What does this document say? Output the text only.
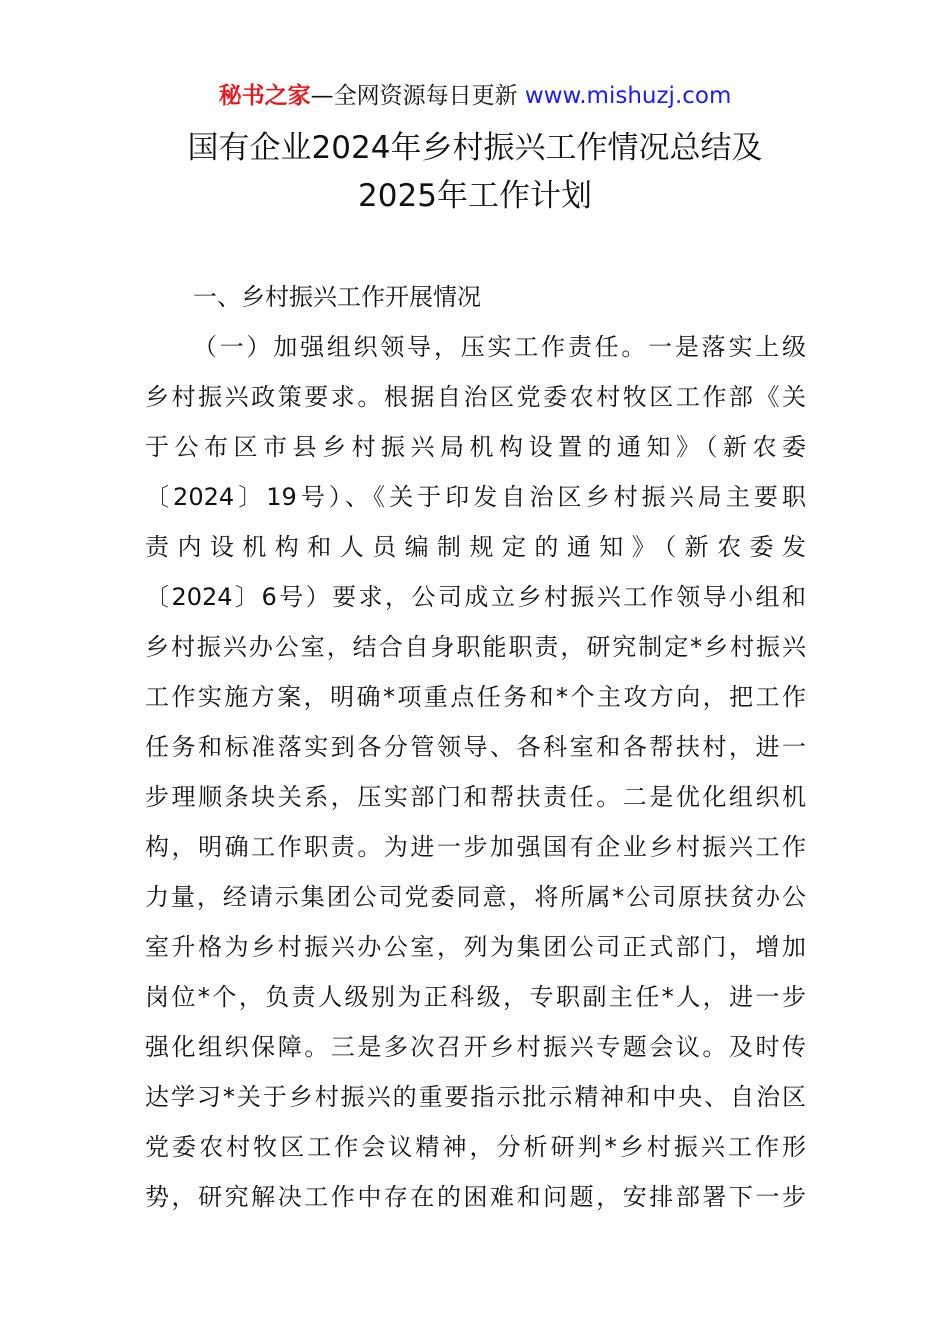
秘书之家—全网资源每日更新 www.mishuzj.com
国有企业2024年乡村振兴工作情况总结及
2025年工作计划
一、乡村振兴工作开展情况
（一）加强组织领导，压实工作责任。一是落实上级
乡村振兴政策要求。根据自治区党委农村牧区工作部《关
于公布区市县乡村振兴局机构设置的通知》（新农委
〔2024〕19号）、《关于印发自治区乡村振兴局主要职
责内设机构和人员编制规定的通知》（新农委发
〔2024〕6号）要求，公司成立乡村振兴工作领导小组和
乡村振兴办公室，结合自身职能职责，研究制定*乡村振兴
工作实施方案，明确*项重点任务和*个主攻方向，把工作
任务和标准落实到各分管领导、各科室和各帮扶村，进一
步理顺条块关系，压实部门和帮扶责任。二是优化组织机
构，明确工作职责。为进一步加强国有企业乡村振兴工作
力量，经请示集团公司党委同意，将所属*公司原扶贫办公
室升格为乡村振兴办公室，列为集团公司正式部门，增加
岗位*个，负责人级别为正科级，专职副主任*人，进一步
强化组织保障。三是多次召开乡村振兴专题会议。及时传
达学习*关于乡村振兴的重要指示批示精神和中央、自治区
党委农村牧区工作会议精神，分析研判*乡村振兴工作形
势，研究解决工作中存在的困难和问题，安排部署下一步
